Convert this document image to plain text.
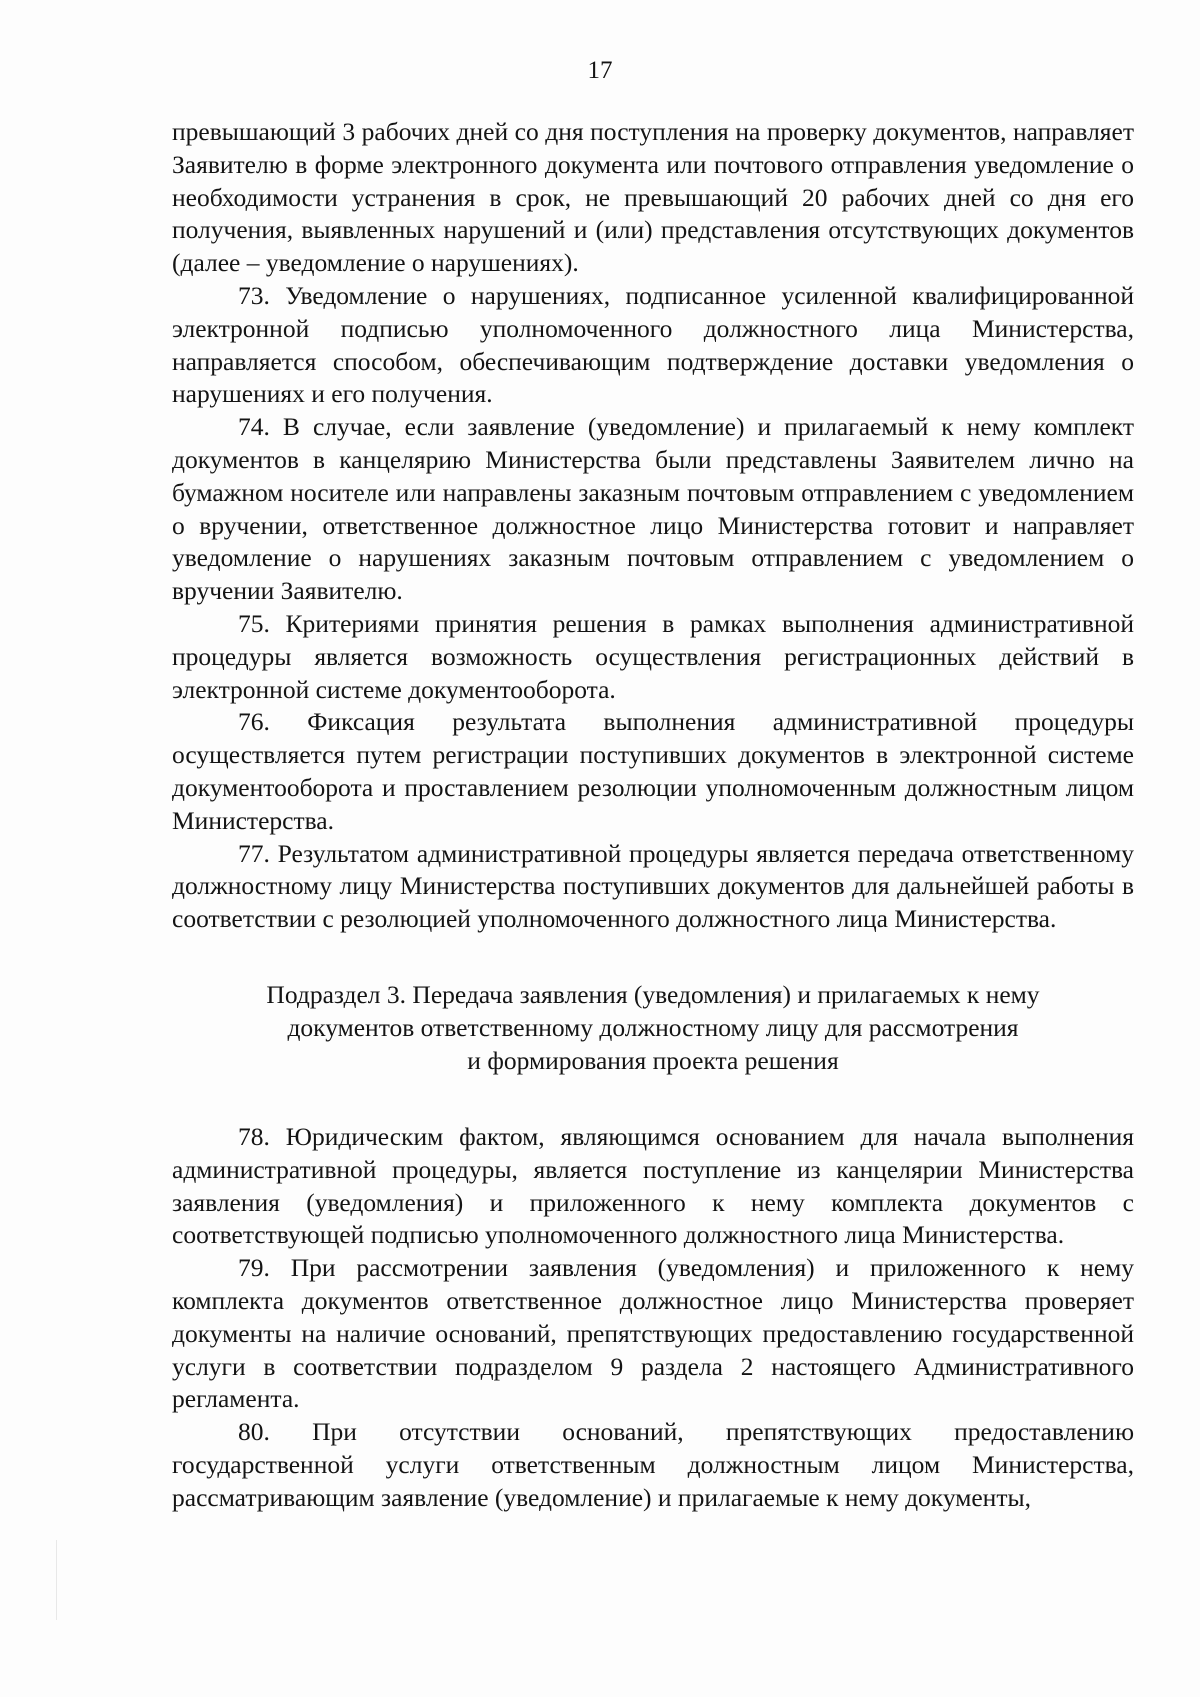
17

превышающий 3 рабочих дней со дня поступления на проверку документов, направляет Заявителю в форме электронного документа или почтового отправления уведомление о необходимости устранения в срок, не превышающий 20 рабочих дней со дня его получения, выявленных нарушений и (или) представления отсутствующих документов (далее – уведомление о нарушениях).

73. Уведомление о нарушениях, подписанное усиленной квалифицированной электронной подписью уполномоченного должностного лица Министерства, направляется способом, обеспечивающим подтверждение доставки уведомления о нарушениях и его получения.

74. В случае, если заявление (уведомление) и прилагаемый к нему комплект документов в канцелярию Министерства были представлены Заявителем лично на бумажном носителе или направлены заказным почтовым отправлением с уведомлением о вручении, ответственное должностное лицо Министерства готовит и направляет уведомление о нарушениях заказным почтовым отправлением с уведомлением о вручении Заявителю.

75. Критериями принятия решения в рамках выполнения административной процедуры является возможность осуществления регистрационных действий в электронной системе документооборота.

76. Фиксация результата выполнения административной процедуры осуществляется путем регистрации поступивших документов в электронной системе документооборота и проставлением резолюции уполномоченным должностным лицом Министерства.

77. Результатом административной процедуры является передача ответственному должностному лицу Министерства поступивших документов для дальнейшей работы в соответствии с резолюцией уполномоченного должностного лица Министерства.

Подраздел 3. Передача заявления (уведомления) и прилагаемых к нему
документов ответственному должностному лицу для рассмотрения
и формирования проекта решения

78. Юридическим фактом, являющимся основанием для начала выполнения административной процедуры, является поступление из канцелярии Министерства заявления (уведомления) и приложенного к нему комплекта документов с соответствующей подписью уполномоченного должностного лица Министерства.

79. При рассмотрении заявления (уведомления) и приложенного к нему комплекта документов ответственное должностное лицо Министерства проверяет документы на наличие оснований, препятствующих предоставлению государственной услуги в соответствии подразделом 9 раздела 2 настоящего Административного регламента.

80. При отсутствии оснований, препятствующих предоставлению государственной услуги ответственным должностным лицом Министерства, рассматривающим заявление (уведомление) и прилагаемые к нему документы,
